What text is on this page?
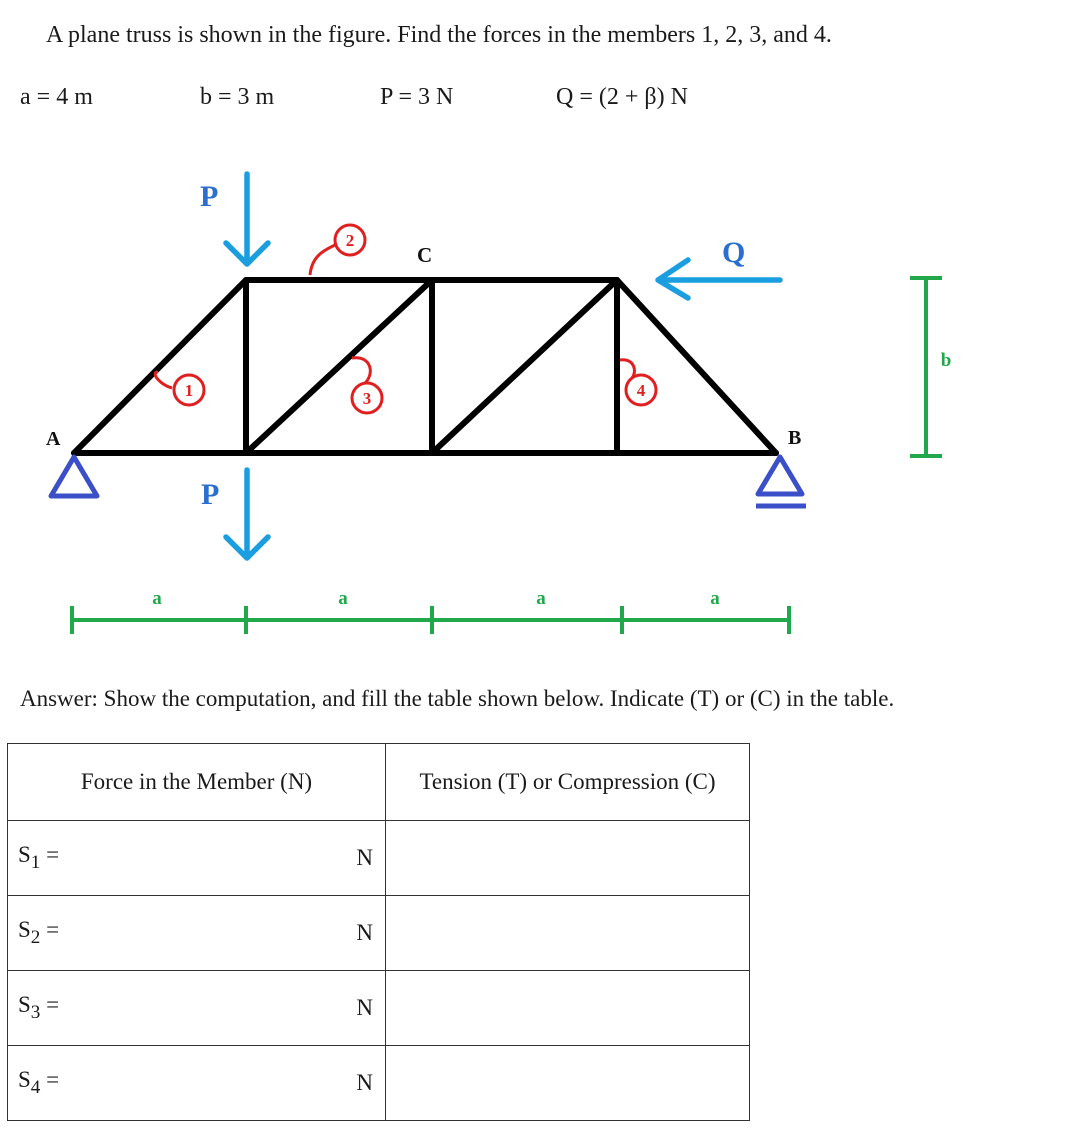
A plane truss is shown in the figure. Find the forces in the members 1, 2, 3, and 4.
a = 4 m	b = 3 m	P = 3 N	Q = (2 + β) N
1
2
3	4
A	B
C
P
P
Q
a	a	a	a
b
Answer: Show the computation, and fill the table shown below. Indicate (T) or (C) in the table.
Force in the Member (N)	Tension (T) or Compression (C)

$S_1 = N$	

$S_2 = N$	

$S_3 = N$	

$S_4 = N$	
